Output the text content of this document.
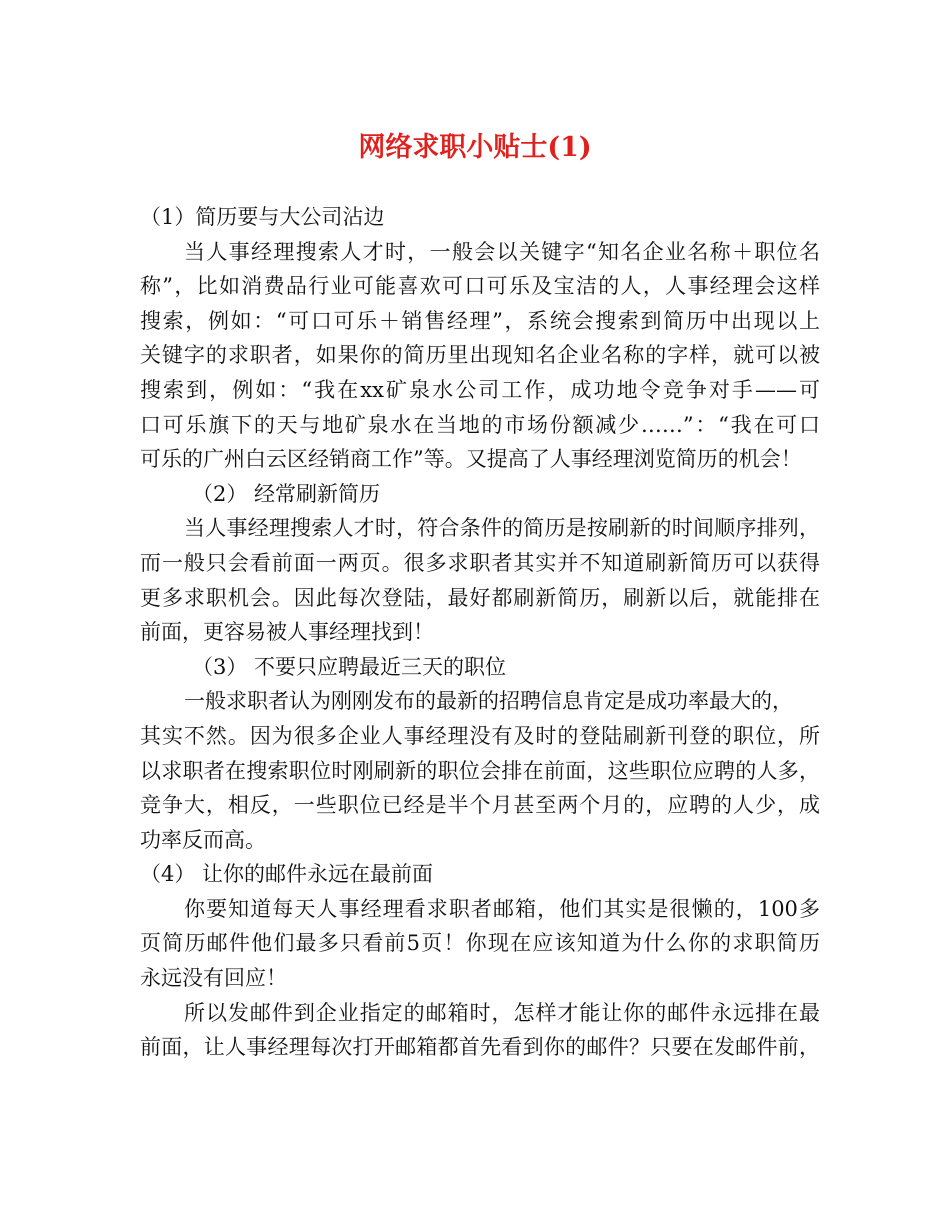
网络求职小贴士(1)

（1）简历要与大公司沾边

当人事经理搜索人才时，一般会以关键字“知名企业名称＋职位名

称”，比如消费品行业可能喜欢可口可乐及宝洁的人，人事经理会这样

搜索，例如：“可口可乐＋销售经理”，系统会搜索到简历中出现以上

关键字的求职者，如果你的简历里出现知名企业名称的字样，就可以被

搜索到，例如：“我在xx矿泉水公司工作，成功地令竞争对手——可

口可乐旗下的天与地矿泉水在当地的市场份额减少……”：“我在可口

可乐的广州白云区经销商工作”等。又提高了人事经理浏览简历的机会！

（2） 经常刷新简历

当人事经理搜索人才时，符合条件的简历是按刷新的时间顺序排列，

而一般只会看前面一两页。很多求职者其实并不知道刷新简历可以获得

更多求职机会。因此每次登陆，最好都刷新简历，刷新以后，就能排在

前面，更容易被人事经理找到！

（3） 不要只应聘最近三天的职位

一般求职者认为刚刚发布的最新的招聘信息肯定是成功率最大的，

其实不然。因为很多企业人事经理没有及时的登陆刷新刊登的职位，所

以求职者在搜索职位时刚刷新的职位会排在前面，这些职位应聘的人多，

竞争大，相反，一些职位已经是半个月甚至两个月的，应聘的人少，成

功率反而高。

（4） 让你的邮件永远在最前面

你要知道每天人事经理看求职者邮箱，他们其实是很懒的，100多

页简历邮件他们最多只看前5页！你现在应该知道为什么你的求职简历

永远没有回应！

所以发邮件到企业指定的邮箱时，怎样才能让你的邮件永远排在最

前面，让人事经理每次打开邮箱都首先看到你的邮件？只要在发邮件前，
